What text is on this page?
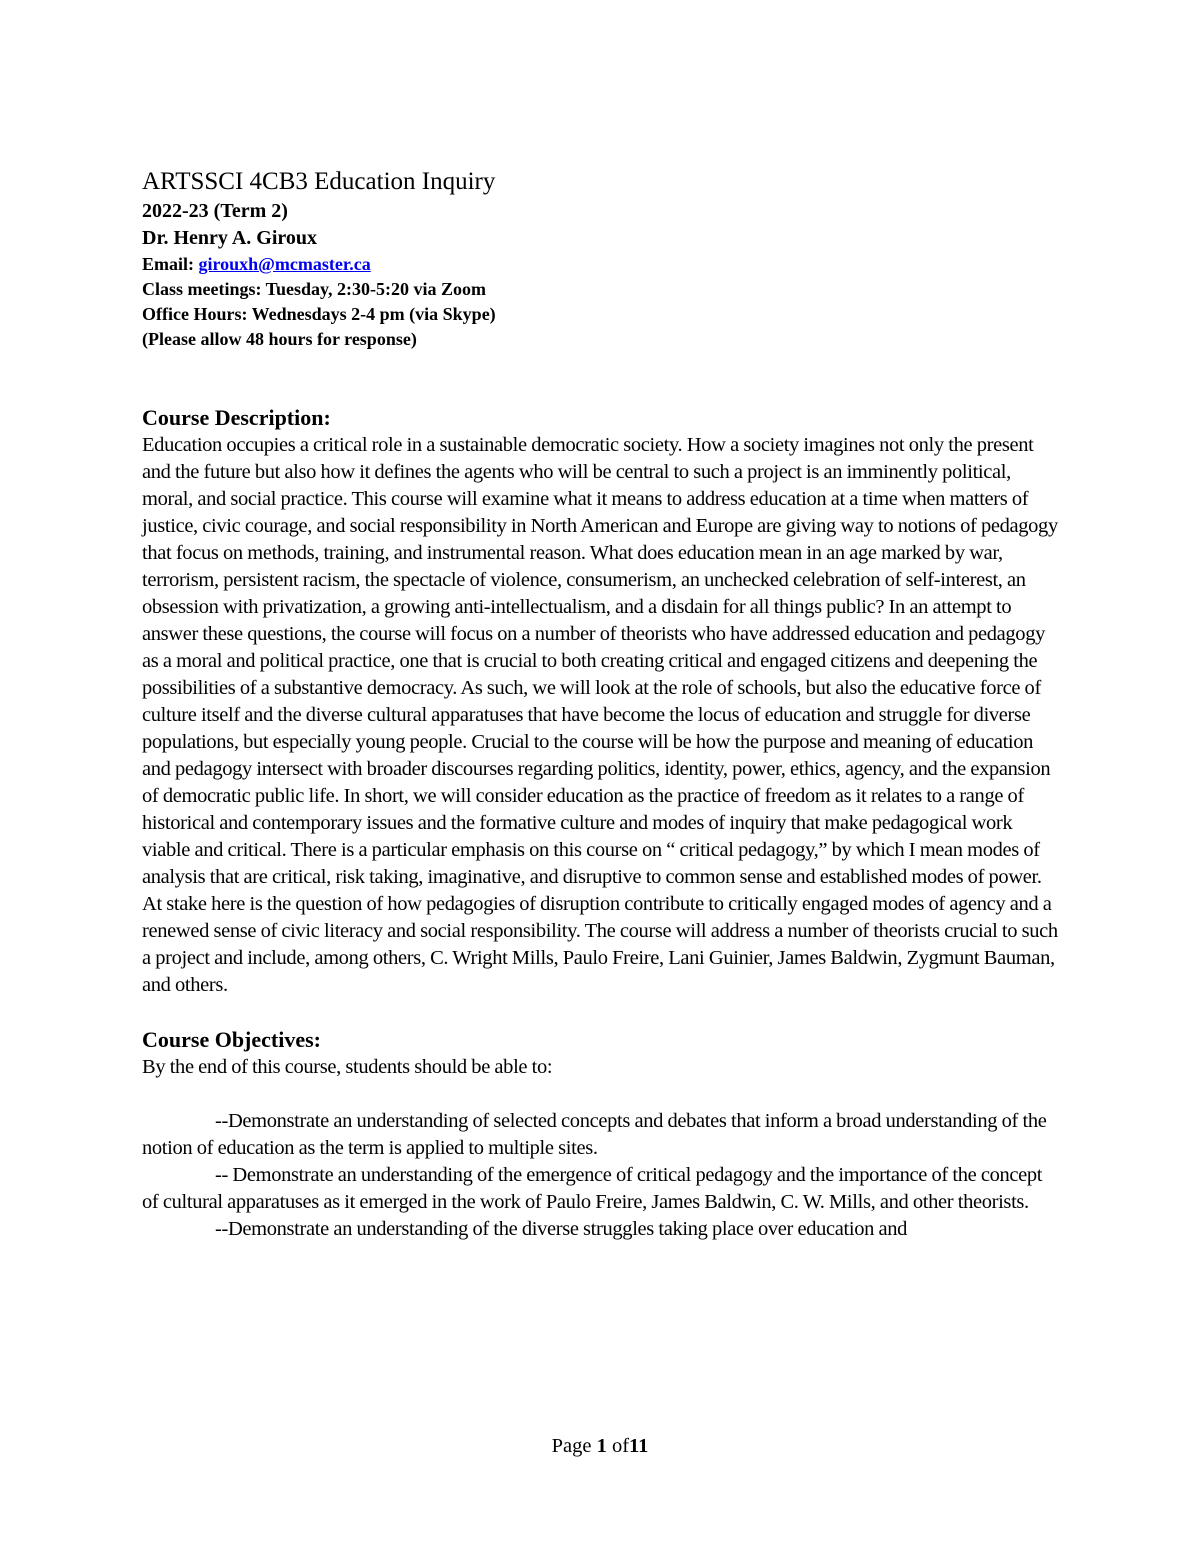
ARTSSCI 4CB3 Education Inquiry

2022-23 (Term 2)

Dr. Henry A. Giroux

Email: girouxh@mcmaster.ca

Class meetings: Tuesday, 2:30-5:20 via Zoom

Office Hours: Wednesdays 2-4 pm (via Skype)

(Please allow 48 hours for response)

Course Description:

Education occupies a critical role in a sustainable democratic society. How a society imagines not only the present and the future but also how it defines the agents who will be central to such a project is an imminently political, moral, and social practice. This course will examine what it means to address education at a time when matters of justice, civic courage, and social responsibility in North American and Europe are giving way to notions of pedagogy that focus on methods, training, and instrumental reason. What does education mean in an age marked by war, terrorism, persistent racism, the spectacle of violence, consumerism, an unchecked celebration of self-interest, an obsession with privatization, a growing anti-intellectualism, and a disdain for all things public? In an attempt to answer these questions, the course will focus on a number of theorists who have addressed education and pedagogy as a moral and political practice, one that is crucial to both creating critical and engaged citizens and deepening the possibilities of a substantive democracy. As such, we will look at the role of schools, but also the educative force of culture itself and the diverse cultural apparatuses that have become the locus of education and struggle for diverse populations, but especially young people. Crucial to the course will be how the purpose and meaning of education and pedagogy intersect with broader discourses regarding politics, identity, power, ethics, agency, and the expansion of democratic public life. In short, we will consider education as the practice of freedom as it relates to a range of historical and contemporary issues and the formative culture and modes of inquiry that make pedagogical work viable and critical. There is a particular emphasis on this course on “ critical pedagogy,” by which I mean modes of analysis that are critical, risk taking, imaginative, and disruptive to common sense and established modes of power. At stake here is the question of how pedagogies of disruption contribute to critically engaged modes of agency and a renewed sense of civic literacy and social responsibility. The course will address a number of theorists crucial to such a project and include, among others, C. Wright Mills, Paulo Freire, Lani Guinier, James Baldwin, Zygmunt Bauman, and others.

Course Objectives:

By the end of this course, students should be able to:

--Demonstrate an understanding of selected concepts and debates that inform a broad understanding of the notion of education as the term is applied to multiple sites.

-- Demonstrate an understanding of the emergence of critical pedagogy and the importance of the concept of cultural apparatuses as it emerged in the work of Paulo Freire, James Baldwin, C. W. Mills, and other theorists.

--Demonstrate an understanding of the diverse struggles taking place over education and

Page 1 of11
